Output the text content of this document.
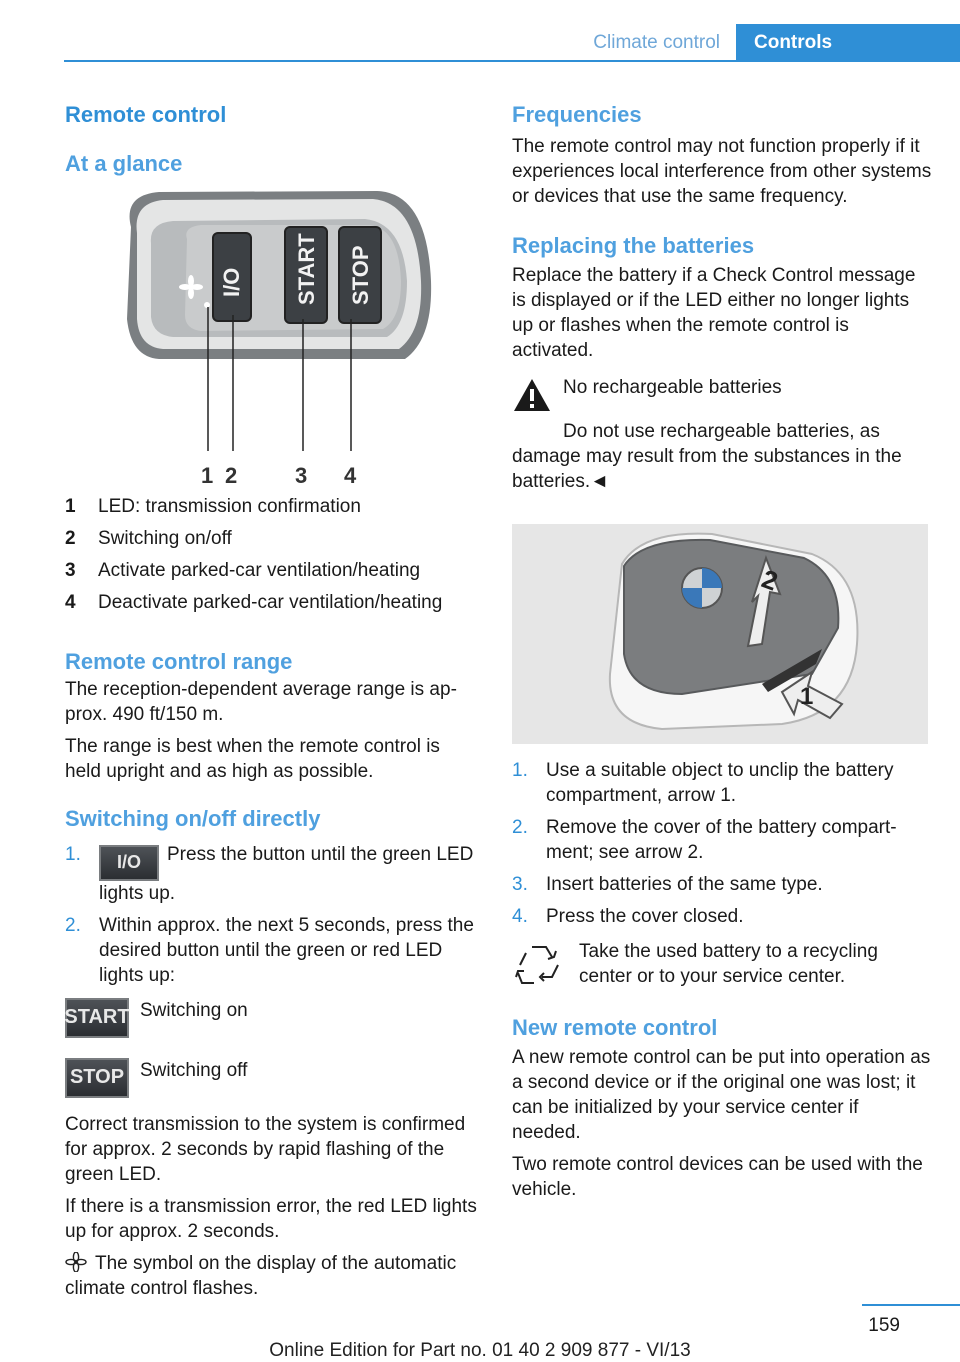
Climate control	Controls
Remote control
At a glance
I/O START STOP
1 2	3 4
1	LED: transmission confirmation
2	Switching on/off
3	Activate parked-car ventilation/heating
4	Deactivate parked-car ventilation/heating
Remote control range

The reception-dependent average range is approx. 490 ft/150 m.

The range is best when the remote control is held upright and as high as possible.

Switching on/off directly
1.	I/O Press the button until the green LED lights up.
2. Within approx. the next 5 seconds, press the desired button until the green or red LED lights up:
START Switching on
STOP Switching off

Correct transmission to the system is confirmed for approx. 2 seconds by rapid flashing of the green LED.

If there is a transmission error, the red LED lights up for approx. 2 seconds.

The symbol on the display of the automatic climate control flashes.

Frequencies

The remote control may not function properly if it experiences local interference from other systems or devices that use the same frequency.

Replacing the batteries

Replace the battery if a Check Control message is displayed or if the LED either no longer lights up or flashes when the remote control is activated.

No rechargeable batteries

Do not use rechargeable batteries, as damage may result from the substances in the batteries.◄

2
1
1. Use a suitable object to unclip the battery compartment, arrow 1.
2. Remove the cover of the battery compartment; see arrow 2.
3. Insert batteries of the same type.
4. Press the cover closed.

Take the used battery to a recycling center or to your service center.

New remote control

A new remote control can be put into operation as a second device or if the original one was lost; it can be initialized by your service center if needed.

Two remote control devices can be used with the vehicle.

159
Online Edition for Part no. 01 40 2 909 877 - VI/13
